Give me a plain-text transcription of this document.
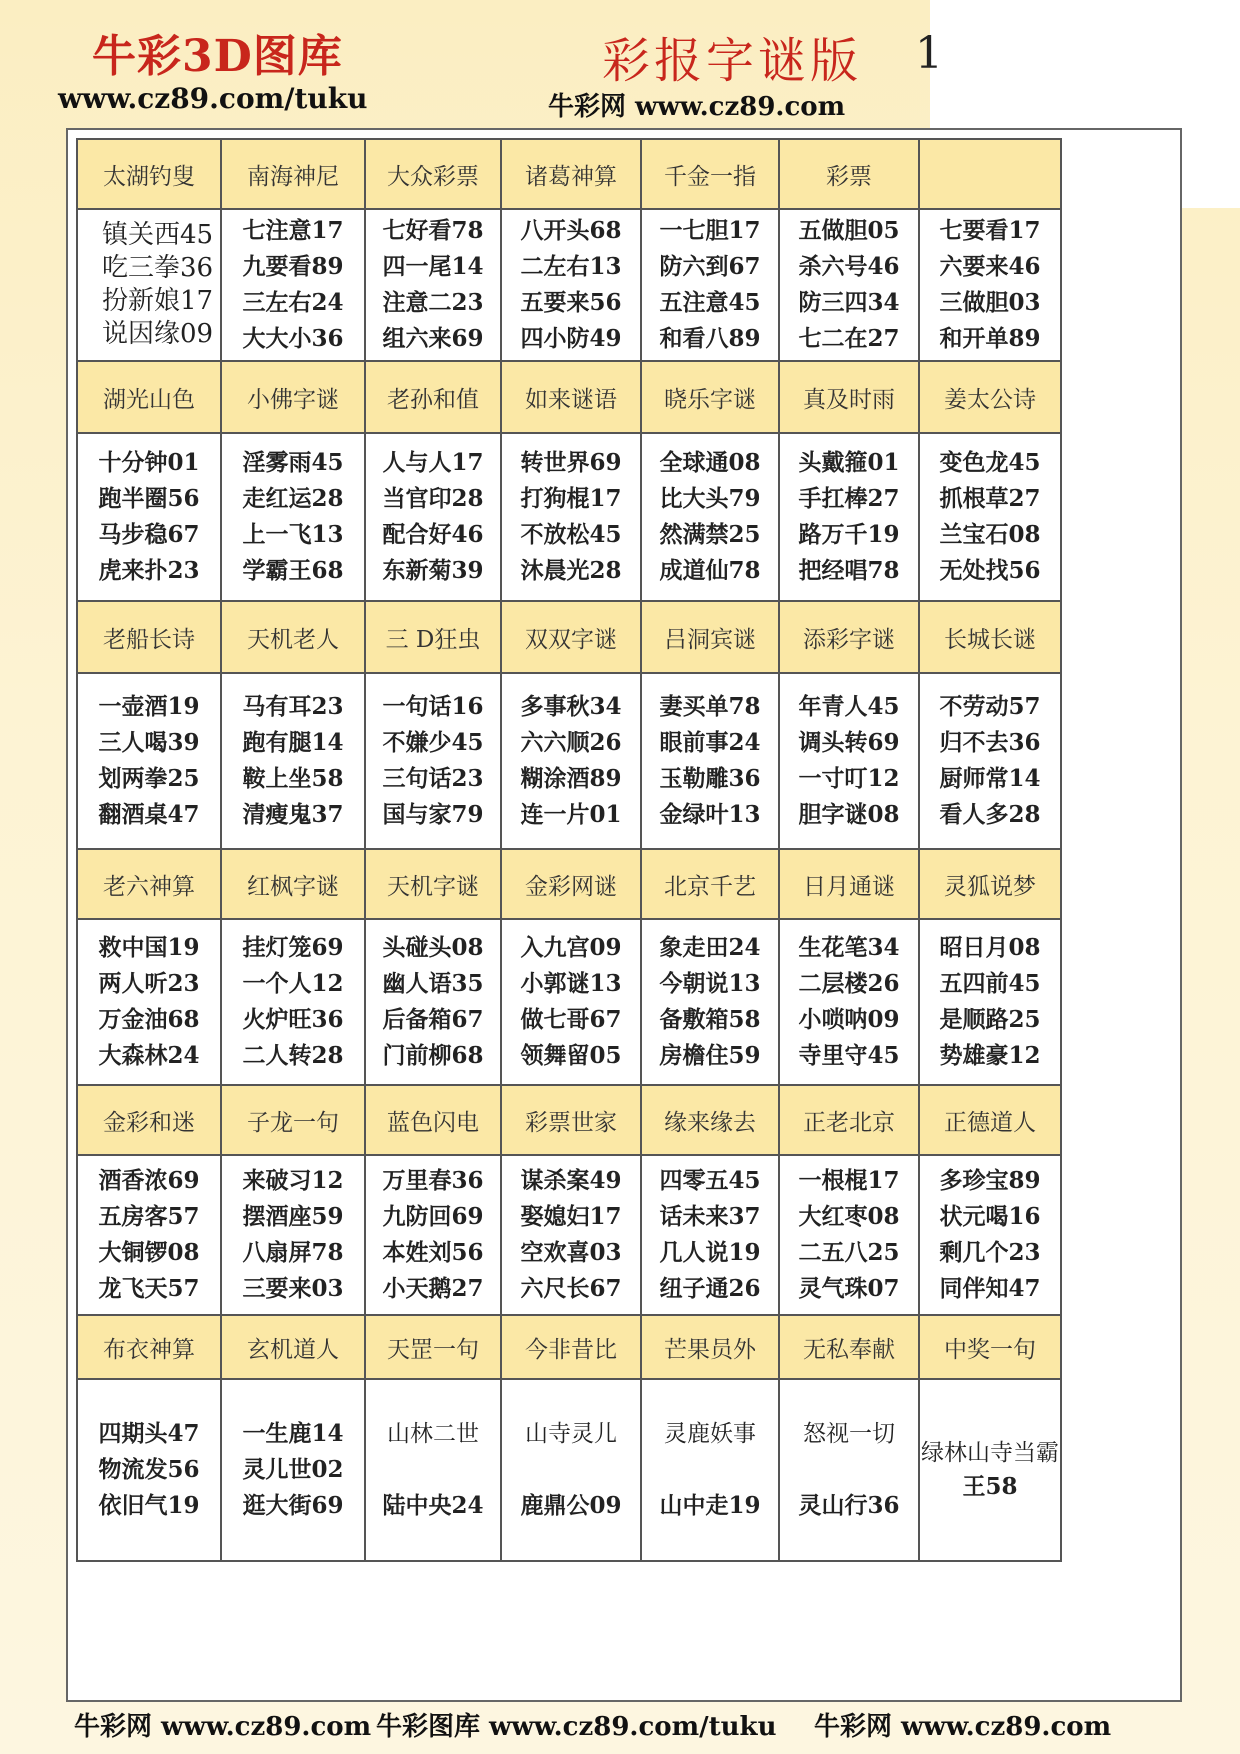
牛彩3D图库
www.cz89.com/tuku
彩报字谜版 1
牛彩网 www.cz89.com
太湖钓叟	南海神尼	大众彩票	诸葛神算	千金一指	彩票	

镇关西45
吃三拳36
扮新娘17
说因缘09	七注意17
九要看89
三左右24
大大小36	七好看78
四一尾14
注意二23
组六来69	八开头68
二左右13
五要来56
四小防49	一七胆17
防六到67
五注意45
和看八89	五做胆05
杀六号46
防三四34
七二在27	七要看17
六要来46
三做胆03
和开单89

湖光山色	小佛字谜	老孙和值	如来谜语	晓乐字谜	真及时雨	姜太公诗

十分钟01
跑半圈56
马步稳67
虎来扑23	淫雾雨45
走红运28
上一飞13
学霸王68	人与人17
当官印28
配合好46
东新菊39	转世界69
打狗棍17
不放松45
沐晨光28	全球通08
比大头79
然满禁25
成道仙78	头戴箍01
手扛棒27
路万千19
把经唱78	变色龙45
抓根草27
兰宝石08
无处找56

老船长诗	天机老人	三 D狂虫	双双字谜	吕洞宾谜	添彩字谜	长城长谜

一壶酒19
三人喝39
划两拳25
翻酒桌47	马有耳23
跑有腿14
鞍上坐58
清瘦鬼37	一句话16
不嫌少45
三句话23
国与家79	多事秋34
六六顺26
糊涂酒89
连一片01	妻买单78
眼前事24
玉勒雕36
金绿叶13	年青人45
调头转69
一寸叮12
胆字谜08	不劳动57
归不去36
厨师常14
看人多28

老六神算	红枫字谜	天机字谜	金彩网谜	北京千艺	日月通谜	灵狐说梦

救中国19
两人听23
万金油68
大森林24	挂灯笼69
一个人12
火炉旺36
二人转28	头碰头08
幽人语35
后备箱67
门前柳68	入九宫09
小郭谜13
做七哥67
领舞留05	象走田24
今朝说13
备敷箱58
房檐住59	生花笔34
二层楼26
小唢呐09
寺里守45	昭日月08
五四前45
是顺路25
势雄豪12

金彩和迷	子龙一句	蓝色闪电	彩票世家	缘来缘去	正老北京	正德道人

酒香浓69
五房客57
大铜锣08
龙飞天57	来破习12
摆酒座59
八扇屏78
三要来03	万里春36
九防回69
本姓刘56
小天鹅27	谋杀案49
娶媳妇17
空欢喜03
六尺长67	四零五45
话未来37
几人说19
纽子通26	一根棍17
大红枣08
二五八25
灵气珠07	多珍宝89
状元喝16
剩几个23
同伴知47

布衣神算	玄机道人	天罡一句	今非昔比	芒果员外	无私奉献	中奖一句

四期头47
物流发56
依旧气19	一生鹿14
灵儿世02
逛大街69	山林二世

陆中央24	山寺灵儿

鹿鼎公09	灵鹿妖事

山中走19	怒视一切

灵山行36	绿林山寺当霸
王58
牛彩网 www.cz89.com 牛彩图库 www.cz89.com/tuku 牛彩网 www.cz89.com
